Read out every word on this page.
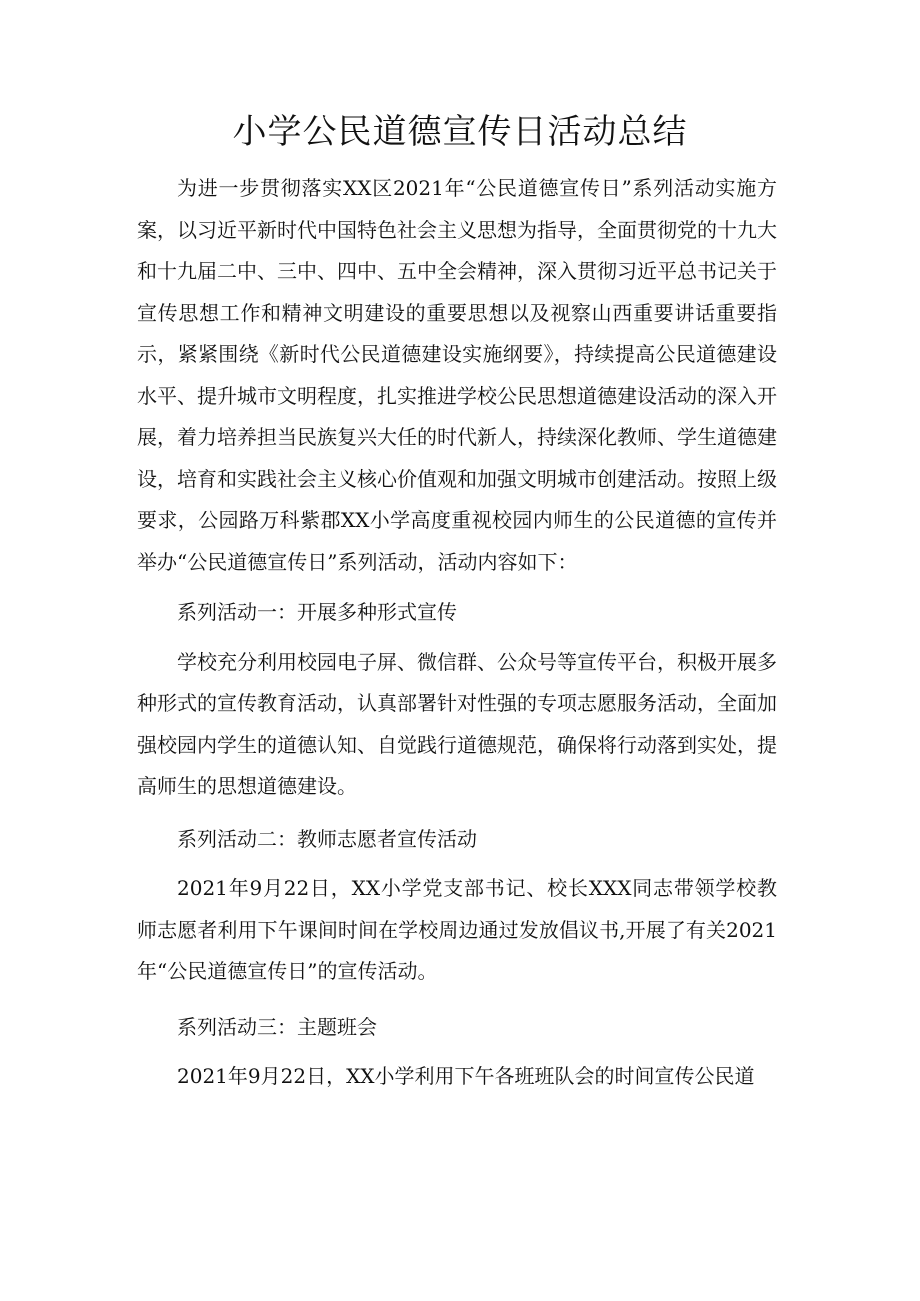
小学公民道德宣传日活动总结

为进一步贯彻落实XX区2021年“公民道德宣传日”系列活动实施方案，以习近平新时代中国特色社会主义思想为指导，全面贯彻党的十九大和十九届二中、三中、四中、五中全会精神，深入贯彻习近平总书记关于宣传思想工作和精神文明建设的重要思想以及视察山西重要讲话重要指示，紧紧围绕《新时代公民道德建设实施纲要》，持续提高公民道德建设水平、提升城市文明程度，扎实推进学校公民思想道德建设活动的深入开展，着力培养担当民族复兴大任的时代新人，持续深化教师、学生道德建设，培育和实践社会主义核心价值观和加强文明城市创建活动。按照上级要求，公园路万科紫郡XX小学高度重视校园内师生的公民道德的宣传并举办“公民道德宣传日”系列活动，活动内容如下：

系列活动一：开展多种形式宣传

学校充分利用校园电子屏、微信群、公众号等宣传平台，积极开展多种形式的宣传教育活动，认真部署针对性强的专项志愿服务活动，全面加强校园内学生的道德认知、自觉践行道德规范，确保将行动落到实处，提高师生的思想道德建设。

系列活动二：教师志愿者宣传活动

2021年9月22日，XX小学党支部书记、校长XXX同志带领学校教师志愿者利用下午课间时间在学校周边通过发放倡议书,开展了有关2021年“公民道德宣传日”的宣传活动。

系列活动三：主题班会

2021年9月22日，XX小学利用下午各班班队会的时间宣传公民道
